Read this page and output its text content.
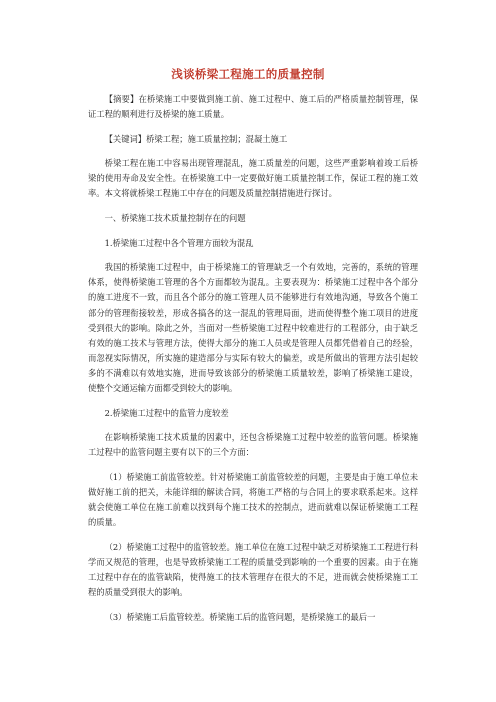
浅谈桥梁工程施工的质量控制

【摘要】在桥梁施工中要做到施工前、施工过程中、施工后的严格质量控制管理，保证工程的顺利进行及桥梁的施工质量。

【关键词】桥梁工程；施工质量控制；混凝土施工

桥梁工程在施工中容易出现管理混乱，施工质量差的问题，这些严重影响着竣工后桥梁的使用寿命及安全性。在桥梁施工中一定要做好施工质量控制工作，保证工程的施工效率。本文将就桥梁工程施工中存在的问题及质量控制措施进行探讨。

一、桥梁施工技术质量控制存在的问题

1.桥梁施工过程中各个管理方面较为混乱

我国的桥梁施工过程中，由于桥梁施工的管理缺乏一个有效地，完善的，系统的管理体系，使得桥梁施工管理的各个方面都较为混乱。主要表现为：桥梁施工过程中各个部分的施工进度不一致，而且各个部分的施工管理人员不能够进行有效地沟通，导致各个施工部分的管理衔接较差，形成各搞各的这一混乱的管理局面，进而使得整个施工项目的进度受到很大的影响。除此之外，当面对一些桥梁施工过程中较难进行的工程部分，由于缺乏有效的施工技术与管理方法，使得大部分的施工人员或是管理人员都凭借着自己的经验，而忽视实际情况，所实施的建造部分与实际有较大的偏差，或是所做出的管理方法引起较多的不满难以有效地实施，进而导致该部分的桥梁施工质量较差，影响了桥梁施工建设，使整个交通运输方面都受到较大的影响。

2.桥梁施工过程中的监管力度较差

在影响桥梁施工技术质量的因素中，还包含桥梁施工过程中较差的监管问题。桥梁施工过程中的监管问题主要有以下的三个方面：

（1）桥梁施工前监管较差。针对桥梁施工前监管较差的问题，主要是由于施工单位未做好施工前的把关，未能详细的解读合同，将施工严格的与合同上的要求联系起来。这样就会使施工单位在施工前难以找到每个施工技术的控制点，进而就难以保证桥梁施工工程的质量。

（2）桥梁施工过程中的监管较差。施工单位在施工过程中缺乏对桥梁施工工程进行科学而又规范的管理，也是导致桥梁施工工程的质量受到影响的一个重要的因素。由于在施工过程中存在的监管缺陷，使得施工的技术管理存在很大的不足，进而就会使桥梁施工工程的质量受到很大的影响。

（3）桥梁施工后监管较差。桥梁施工后的监管问题，是桥梁施工的最后一
